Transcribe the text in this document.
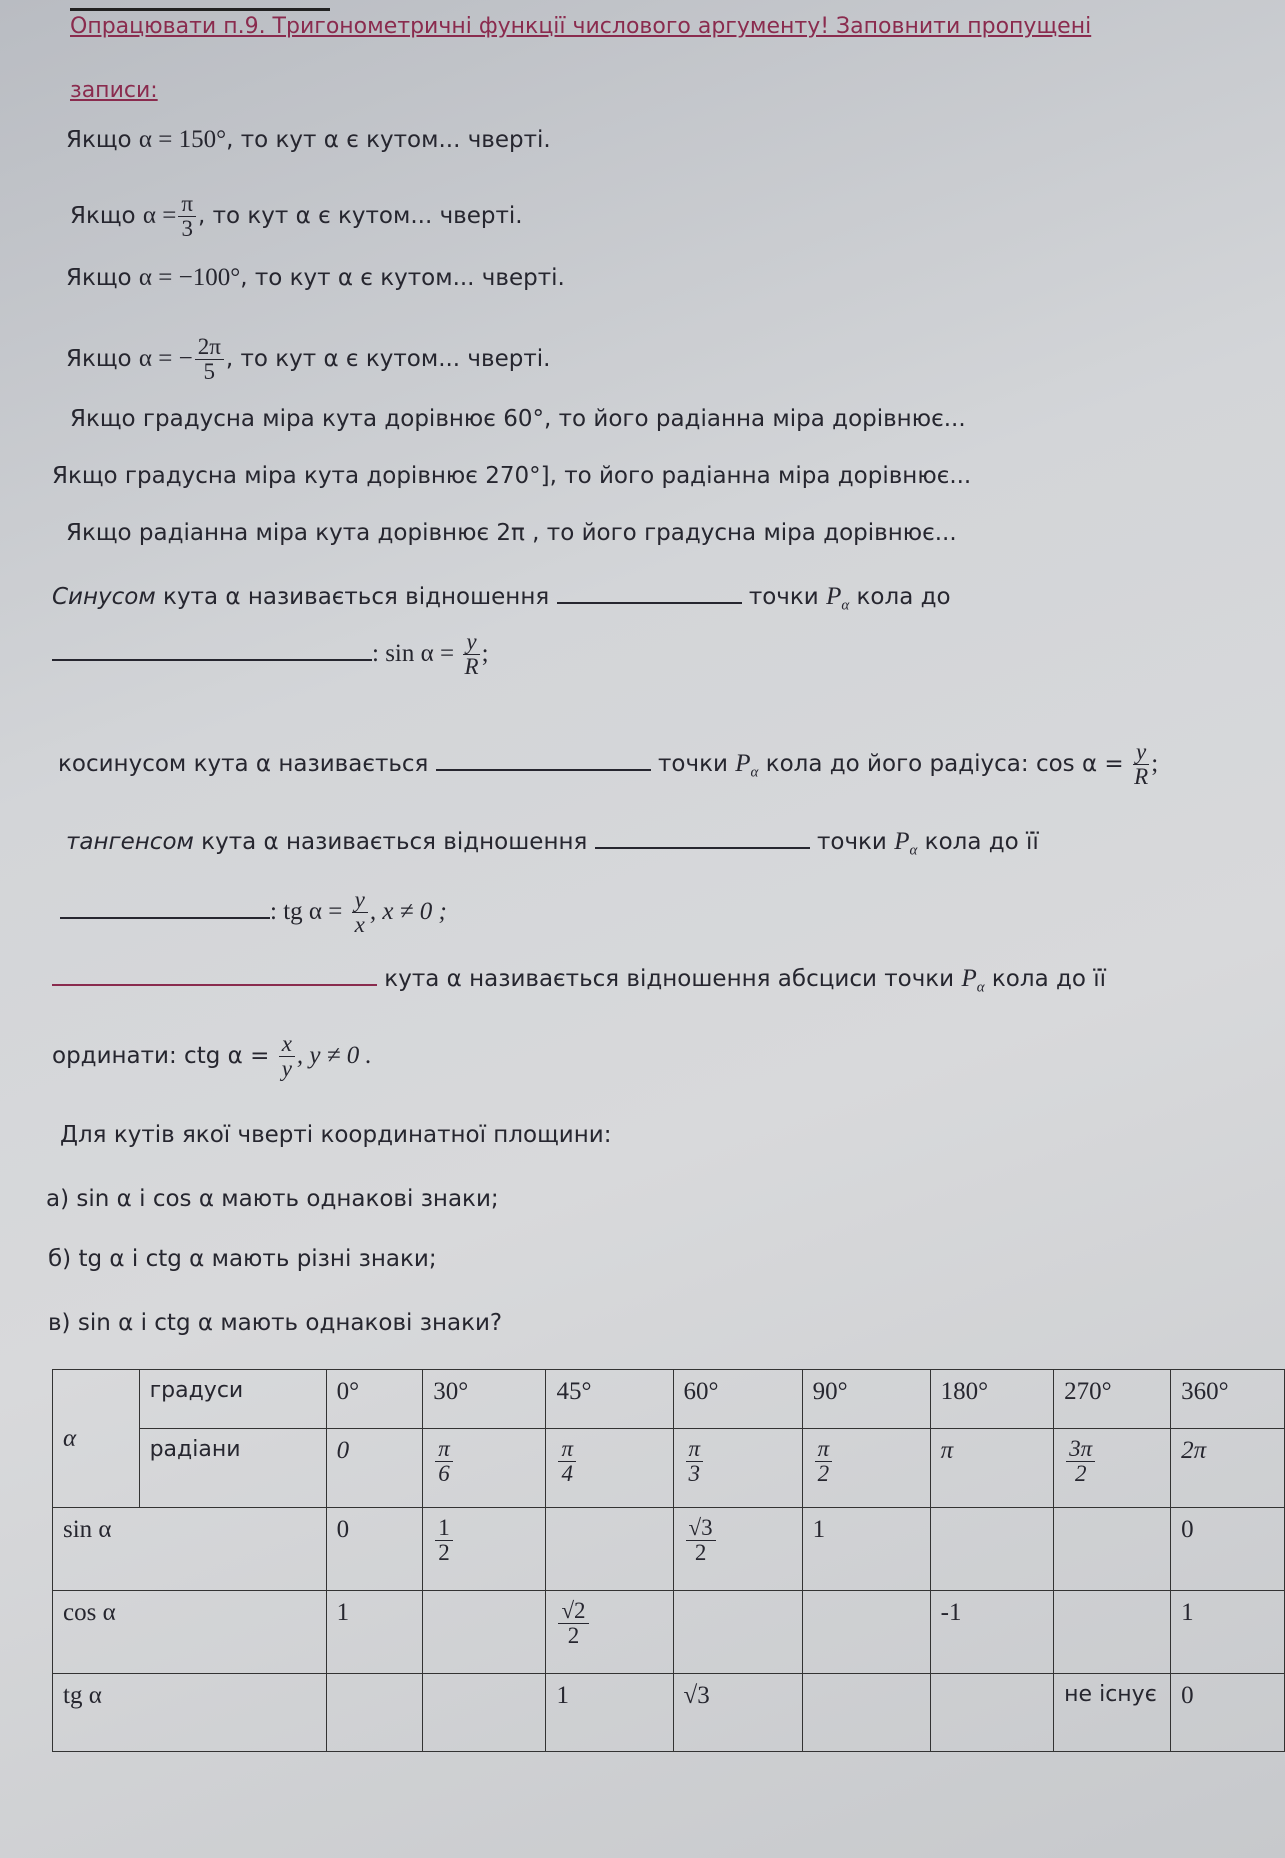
Опрацювати п.9. Тригонометричні функції числового аргументу! Заповнити пропущені
записи:
Якщо α = 150°, то кут α є кутом... чверті.
Якщо $\alpha = \frac{\pi}{3}$ , то кут α є кутом... чверті.
Якщо α = −100°, то кут α є кутом... чверті.
Якщо α = − $\frac{2\pi}{5}$ , то кут α є кутом... чверті.
Якщо градусна міра кута дорівнює 60°, то його радіанна міра дорівнює...
Якщо градусна міра кута дорівнює 270°], то його радіанна міра дорівнює...
Якщо радіанна міра кута дорівнює 2π , то його градусна міра дорівнює...
Синусом кута α називається відношення	точки $P_\alpha$ кола до
: $\sin \alpha = \frac{y}{R}$ ;
косинусом кута α називається	точки $P_\alpha$ кола до його радіуса: $\cos \alpha = \frac{y}{R}$ ;
тангенсом кута α називається відношення	точки $P_\alpha$ кола до її
: tg $\alpha = \frac{y}{x}$ , x ≠ 0 ;
кута α називається відношення абсциси точки $P_\alpha$ кола до її
ординати: ctg $\alpha = \frac{x}{y}$ , y ≠ 0 .
Для кутів якої чверті координатної площини:
а) sin α і cos α мають однакові знаки;
б) tg α і ctg α мають різні знаки;
в) sin α і ctg α мають однакові знаки?
α	градуси	0°	30°	45°	60°	90°	180°	270°	360°
	радіани	0	$\frac{\pi}{6}$	$\frac{\pi}{4}$	$\frac{\pi}{3}$	$\frac{\pi}{2}$	π	$\frac{3\pi}{2}$	2π
sin α		0	$\frac{1}{2}$		$\frac{√3}{2}$	1			0
cos α		1		$\frac{√2}{2}$			-1		1
tg α				1	√3			не існує	0
